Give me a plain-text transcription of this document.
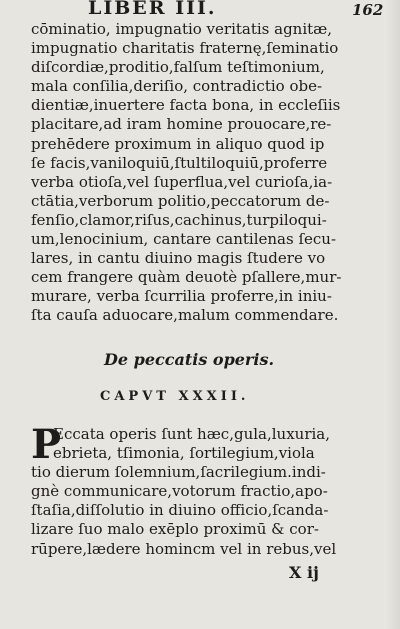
LIBER III.	162
cōminatio, impugnatio veritatis agnitæ,
impugnatio charitatis fraternę,ſeminatio
diſcordiæ,proditio,falſum teſtimonium,
mala conſilia,deriſio, contradictio obe-
dientiæ,inuertere facta bona, in eccleſiis
placitare,ad iram homine prouocare,re-
prehēdere proximum in aliquo quod ip
ſe facis,vaniloquiū,ſtultiloquiū,proferre
verba otioſa,vel ſuperflua,vel curioſa,ia-
ctātia,verborum politio,peccatorum de-
fenſio,clamor,riſus,cachinus,turpiloqui-
um,lenocinium, cantare cantilenas ſecu-
lares, in cantu diuino magis ſtudere vo
cem frangere quàm deuotè pſallere,mur-
murare, verba ſcurrilia proferre,in iniu-
ſta cauſa aduocare,malum commendare.
De peccatis operis.
CAPVT XXXII.
P
Eccata operis ſunt hæc,gula,luxuria,
ebrieta, tſimonia, ſortilegium,viola
tio dierum ſolemnium,ſacrilegium.indi-
gnè communicare,votorum fractio,apo-
ſtaſia,diſſolutio in diuino officio,ſcanda-
lizare ſuo malo exēplo proximū & cor-
rūpere,lædere homincm vel in rebus,vel
X ij
